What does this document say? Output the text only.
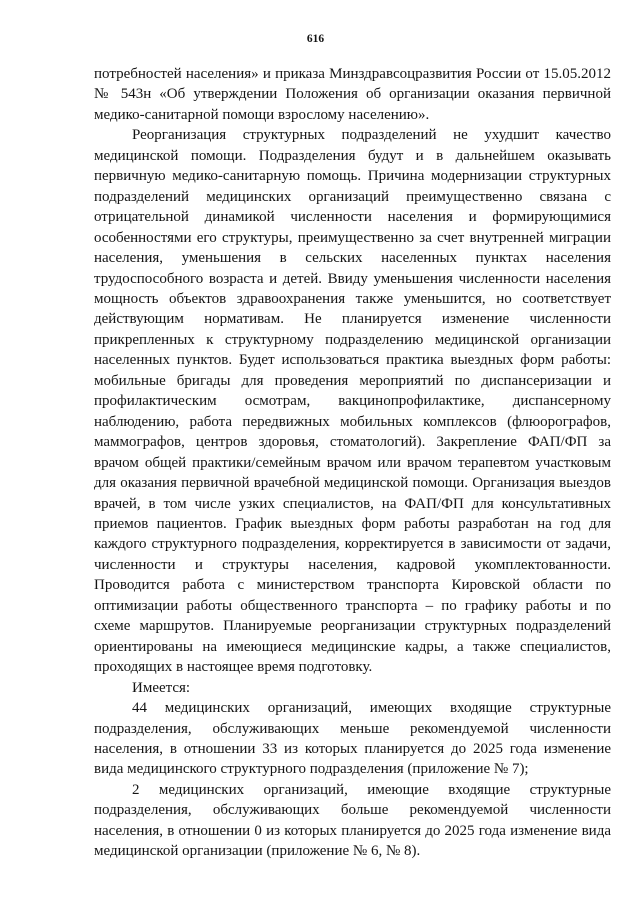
616

потребностей населения» и приказа Минздравсоцразвития России от 15.05.2012 № 543н «Об утверждении Положения об организации оказания первичной медико-санитарной помощи взрослому населению».

Реорганизация структурных подразделений не ухудшит качество медицинской помощи. Подразделения будут и в дальнейшем оказывать первичную медико-санитарную помощь. Причина модернизации структурных подразделений медицинских организаций преимущественно связана с отрицательной динамикой численности населения и формирующимися особенностями его структуры, преимущественно за счет внутренней миграции населения, уменьшения в сельских населенных пунктах населения трудоспособного возраста и детей. Ввиду уменьшения численности населения мощность объектов здравоохранения также уменьшится, но соответствует действующим нормативам. Не планируется изменение численности прикрепленных к структурному подразделению медицинской организации населенных пунктов. Будет использоваться практика выездных форм работы: мобильные бригады для проведения мероприятий по диспансеризации и профилактическим осмотрам, вакцинопрофилактике, диспансерному наблюдению, работа передвижных мобильных комплексов (флюорографов, маммографов, центров здоровья, стоматологий). Закрепление ФАП/ФП за врачом общей практики/семейным врачом или врачом терапевтом участковым для оказания первичной врачебной медицинской помощи. Организация выездов врачей, в том числе узких специалистов, на ФАП/ФП для консультативных приемов пациентов. График выездных форм работы разработан на год для каждого структурного подразделения, корректируется в зависимости от задачи, численности и структуры населения, кадровой укомплектованности. Проводится работа с министерством транспорта Кировской области по оптимизации работы общественного транспорта – по графику работы и по схеме маршрутов. Планируемые реорганизации структурных подразделений ориентированы на имеющиеся медицинские кадры, а также специалистов, проходящих в настоящее время подготовку.

Имеется:

44 медицинских организаций, имеющих входящие структурные подразделения, обслуживающих меньше рекомендуемой численности населения, в отношении 33 из которых планируется до 2025 года изменение вида медицинского структурного подразделения (приложение № 7);

2 медицинских организаций, имеющие входящие структурные подразделения, обслуживающих больше рекомендуемой численности населения, в отношении 0 из которых планируется до 2025 года изменение вида медицинской организации (приложение № 6, № 8).
